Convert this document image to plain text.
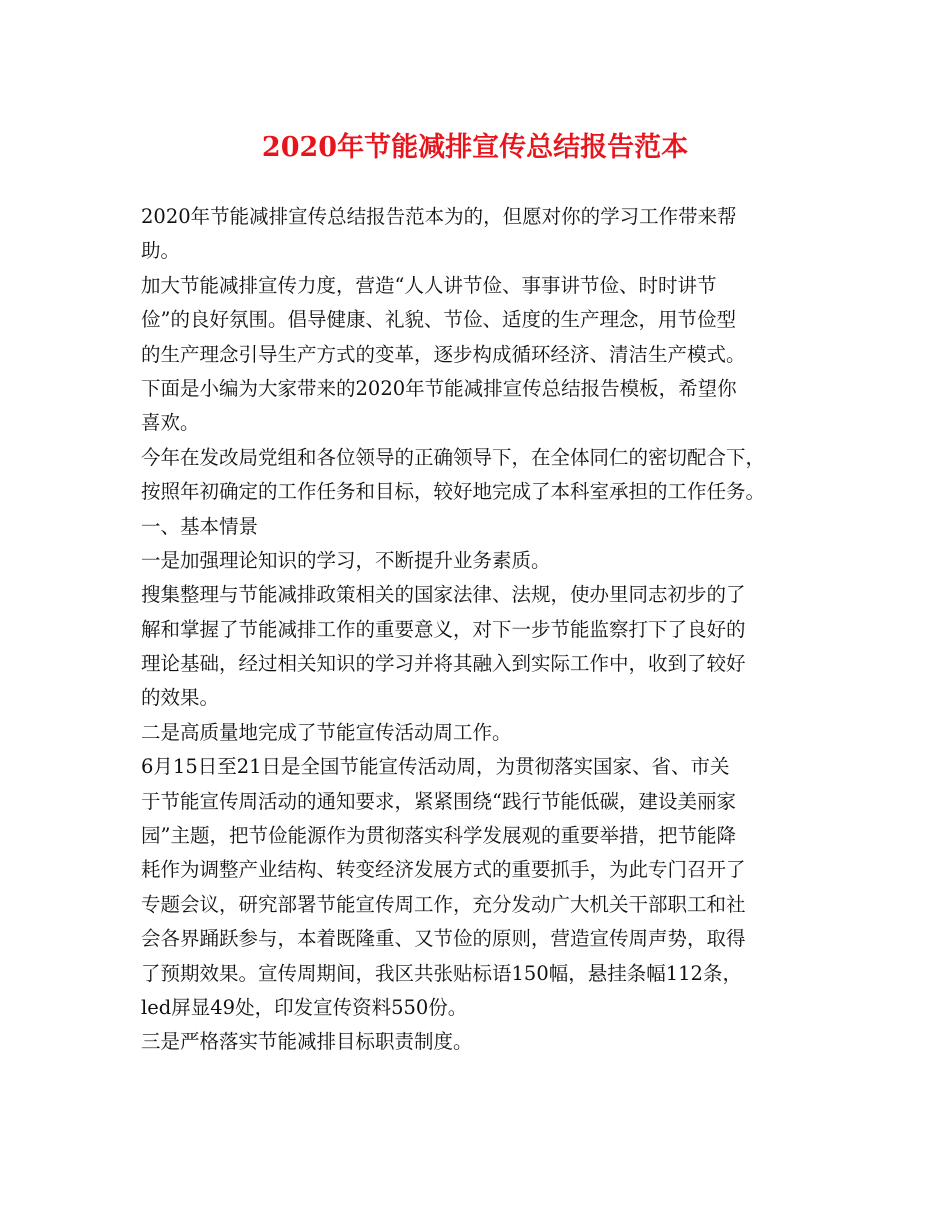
2020年节能减排宣传总结报告范本
2020年节能减排宣传总结报告范本为的，但愿对你的学习工作带来帮
助。
加大节能减排宣传力度，营造“人人讲节俭、事事讲节俭、时时讲节
俭”的良好氛围。倡导健康、礼貌、节俭、适度的生产理念，用节俭型
的生产理念引导生产方式的变革，逐步构成循环经济、清洁生产模式。
下面是小编为大家带来的2020年节能减排宣传总结报告模板，希望你
喜欢。
今年在发改局党组和各位领导的正确领导下，在全体同仁的密切配合下，
按照年初确定的工作任务和目标，较好地完成了本科室承担的工作任务。
一、基本情景
一是加强理论知识的学习，不断提升业务素质。
搜集整理与节能减排政策相关的国家法律、法规，使办里同志初步的了
解和掌握了节能减排工作的重要意义，对下一步节能监察打下了良好的
理论基础，经过相关知识的学习并将其融入到实际工作中，收到了较好
的效果。
二是高质量地完成了节能宣传活动周工作。
6月15日至21日是全国节能宣传活动周，为贯彻落实国家、省、市关
于节能宣传周活动的通知要求，紧紧围绕“践行节能低碳，建设美丽家
园”主题，把节俭能源作为贯彻落实科学发展观的重要举措，把节能降
耗作为调整产业结构、转变经济发展方式的重要抓手，为此专门召开了
专题会议，研究部署节能宣传周工作，充分发动广大机关干部职工和社
会各界踊跃参与，本着既隆重、又节俭的原则，营造宣传周声势，取得
了预期效果。宣传周期间，我区共张贴标语150幅，悬挂条幅112条，
led屏显49处，印发宣传资料550份。
三是严格落实节能减排目标职责制度。
